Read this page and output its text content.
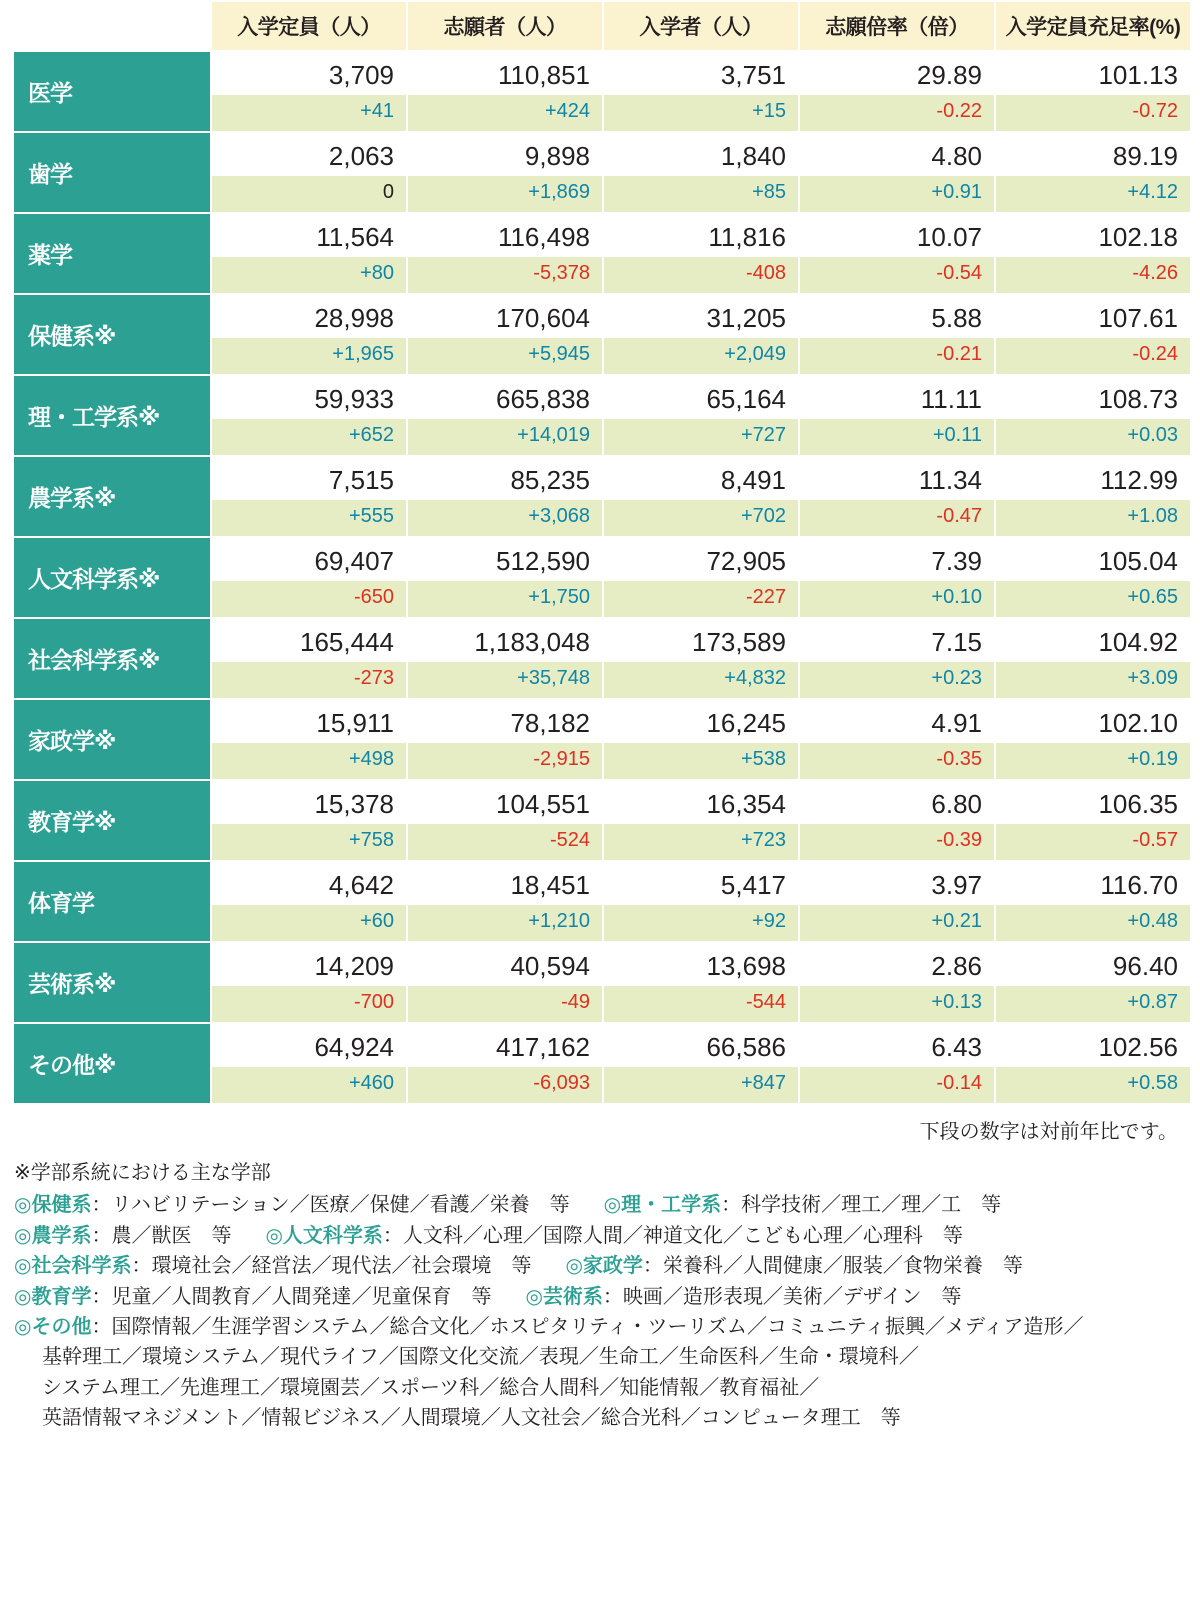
	入学定員（人）	志願者（人）	入学者（人）	志願倍率（倍）	入学定員充足率(%)
医学	3,709	110,851	3,751	29.89	101.13
	+41	+424	+15	-0.22	-0.72
歯学	2,063	9,898	1,840	4.80	89.19
	0	+1,869	+85	+0.91	+4.12
薬学	11,564	116,498	11,816	10.07	102.18
	+80	-5,378	-408	-0.54	-4.26
保健系※	28,998	170,604	31,205	5.88	107.61
	+1,965	+5,945	+2,049	-0.21	-0.24
理・工学系※	59,933	665,838	65,164	11.11	108.73
	+652	+14,019	+727	+0.11	+0.03
農学系※	7,515	85,235	8,491	11.34	112.99
	+555	+3,068	+702	-0.47	+1.08
人文科学系※	69,407	512,590	72,905	7.39	105.04
	-650	+1,750	-227	+0.10	+0.65
社会科学系※	165,444	1,183,048	173,589	7.15	104.92
	-273	+35,748	+4,832	+0.23	+3.09
家政学※	15,911	78,182	16,245	4.91	102.10
	+498	-2,915	+538	-0.35	+0.19
教育学※	15,378	104,551	16,354	6.80	106.35
	+758	-524	+723	-0.39	-0.57
体育学	4,642	18,451	5,417	3.97	116.70
	+60	+1,210	+92	+0.21	+0.48
芸術系※	14,209	40,594	13,698	2.86	96.40
	-700	-49	-544	+0.13	+0.87
その他※	64,924	417,162	66,586	6.43	102.56
	+460	-6,093	+847	-0.14	+0.58
下段の数字は対前年比です。
※学部系統における主な学部
◎保健系：リハビリテーション／医療／保健／看護／栄養　等 ◎理・工学系：科学技術／理工／理／工　等
◎農学系：農／獣医　等 ◎人文科学系：人文科／心理／国際人間／神道文化／こども心理／心理科　等
◎社会科学系：環境社会／経営法／現代法／社会環境　等 ◎家政学：栄養科／人間健康／服装／食物栄養　等
◎教育学：児童／人間教育／人間発達／児童保育　等 ◎芸術系：映画／造形表現／美術／デザイン　等
◎その他：国際情報／生涯学習システム／総合文化／ホスピタリティ・ツーリズム／コミュニティ振興／メディア造形／
基幹理工／環境システム／現代ライフ／国際文化交流／表現／生命工／生命医科／生命・環境科／
システム理工／先進理工／環境園芸／スポーツ科／総合人間科／知能情報／教育福祉／
英語情報マネジメント／情報ビジネス／人間環境／人文社会／総合光科／コンピュータ理工　等
